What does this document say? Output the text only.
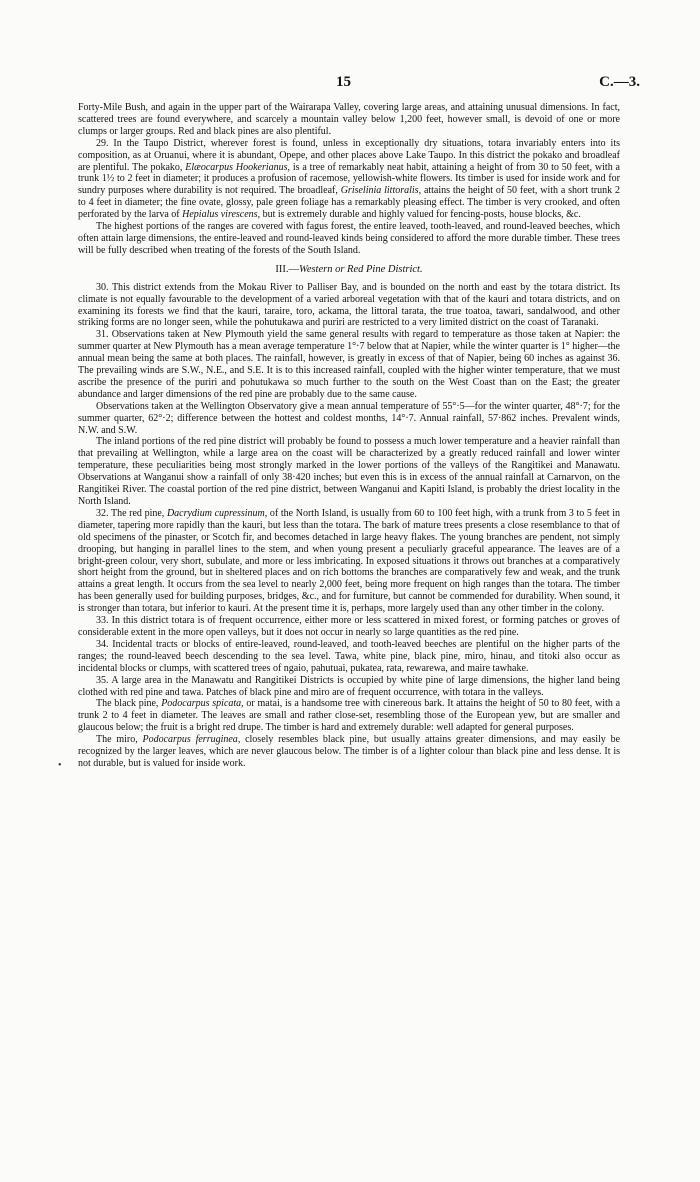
15	C.—3.

Forty-Mile Bush, and again in the upper part of the Wairarapa Valley, covering large areas, and attaining unusual dimensions. In fact, scattered trees are found everywhere, and scarcely a mountain valley below 1,200 feet, however small, is devoid of one or more clumps or larger groups. Red and black pines are also plentiful.

29. In the Taupo District, wherever forest is found, unless in exceptionally dry situations, totara invariably enters into its composition, as at Oruanui, where it is abundant, Opepe, and other places above Lake Taupo. In this district the pokako and broadleaf are plentiful. The pokako, Elæocarpus Hookerianus, is a tree of remarkably neat habit, attaining a height of from 30 to 50 feet, with a trunk 1½ to 2 feet in diameter; it produces a profusion of racemose, yellowish-white flowers. Its timber is used for inside work and for sundry purposes where durability is not required. The broadleaf, Griselinia littoralis, attains the height of 50 feet, with a short trunk 2 to 4 feet in diameter; the fine ovate, glossy, pale green foliage has a remarkably pleasing effect. The timber is very crooked, and often perforated by the larva of Hepialus virescens, but is extremely durable and highly valued for fencing-posts, house blocks, &c.

The highest portions of the ranges are covered with fagus forest, the entire leaved, tooth-leaved, and round-leaved beeches, which often attain large dimensions, the entire-leaved and round-leaved kinds being considered to afford the more durable timber. These trees will be fully described when treating of the forests of the South Island.

III.—Western or Red Pine District.

30. This district extends from the Mokau River to Palliser Bay, and is bounded on the north and east by the totara district. Its climate is not equally favourable to the development of a varied arboreal vegetation with that of the kauri and totara districts, and on examining its forests we find that the kauri, taraire, toro, ackama, the littoral tarata, the true toatoa, tawari, sandalwood, and other striking forms are no longer seen, while the pohutukawa and puriri are restricted to a very limited district on the coast of Taranaki.

31. Observations taken at New Plymouth yield the same general results with regard to temperature as those taken at Napier: the summer quarter at New Plymouth has a mean average temperature 1°·7 below that at Napier, while the winter quarter is 1° higher—the annual mean being the same at both places. The rainfall, however, is greatly in excess of that of Napier, being 60 inches as against 36. The prevailing winds are S.W., N.E., and S.E. It is to this increased rainfall, coupled with the higher winter temperature, that we must ascribe the presence of the puriri and pohutukawa so much further to the south on the West Coast than on the East; the greater abundance and larger dimensions of the red pine are probably due to the same cause.

Observations taken at the Wellington Observatory give a mean annual temperature of 55°·5—for the winter quarter, 48°·7; for the summer quarter, 62°·2; difference between the hottest and coldest months, 14°·7. Annual rainfall, 57·862 inches. Prevalent winds, N.W. and S.W.

The inland portions of the red pine district will probably be found to possess a much lower temperature and a heavier rainfall than that prevailing at Wellington, while a large area on the coast will be characterized by a greatly reduced rainfall and lower winter temperature, these peculiarities being most strongly marked in the lower portions of the valleys of the Rangitikei and Manawatu. Observations at Wanganui show a rainfall of only 38·420 inches; but even this is in excess of the annual rainfall at Carnarvon, on the Rangitikei River. The coastal portion of the red pine district, between Wanganui and Kapiti Island, is probably the driest locality in the North Island.

32. The red pine, Dacrydium cupressinum, of the North Island, is usually from 60 to 100 feet high, with a trunk from 3 to 5 feet in diameter, tapering more rapidly than the kauri, but less than the totara. The bark of mature trees presents a close resemblance to that of old specimens of the pinaster, or Scotch fir, and becomes detached in large heavy flakes. The young branches are pendent, not simply drooping, but hanging in parallel lines to the stem, and when young present a peculiarly graceful appearance. The leaves are of a bright-green colour, very short, subulate, and more or less imbricating. In exposed situations it throws out branches at a comparatively short height from the ground, but in sheltered places and on rich bottoms the branches are comparatively few and weak, and the trunk attains a great length. It occurs from the sea level to nearly 2,000 feet, being more frequent on high ranges than the totara. The timber has been generally used for building purposes, bridges, &c., and for furniture, but cannot be commended for durability. When sound, it is stronger than totara, but inferior to kauri. At the present time it is, perhaps, more largely used than any other timber in the colony.

33. In this district totara is of frequent occurrence, either more or less scattered in mixed forest, or forming patches or groves of considerable extent in the more open valleys, but it does not occur in nearly so large quantities as the red pine.

34. Incidental tracts or blocks of entire-leaved, round-leaved, and tooth-leaved beeches are plentiful on the higher parts of the ranges; the round-leaved beech descending to the sea level. Tawa, white pine, black pine, miro, hinau, and titoki also occur as incidental blocks or clumps, with scattered trees of ngaio, pahutuai, pukatea, rata, rewarewa, and maire tawhake.

35. A large area in the Manawatu and Rangitikei Districts is occupied by white pine of large dimensions, the higher land being clothed with red pine and tawa. Patches of black pine and miro are of frequent occurrence, with totara in the valleys.

The black pine, Podocarpus spicata, or matai, is a handsome tree with cinereous bark. It attains the height of 50 to 80 feet, with a trunk 2 to 4 feet in diameter. The leaves are small and rather close-set, resembling those of the European yew, but are smaller and glaucous below; the fruit is a bright red drupe. The timber is hard and extremely durable: well adapted for general purposes.

The miro, Podocarpus ferruginea, closely resembles black pine, but usually attains greater dimensions, and may easily be recognized by the larger leaves, which are never glaucous below. The timber is of a lighter colour than black pine and less dense. It is not durable, but is valued for inside work.

•
